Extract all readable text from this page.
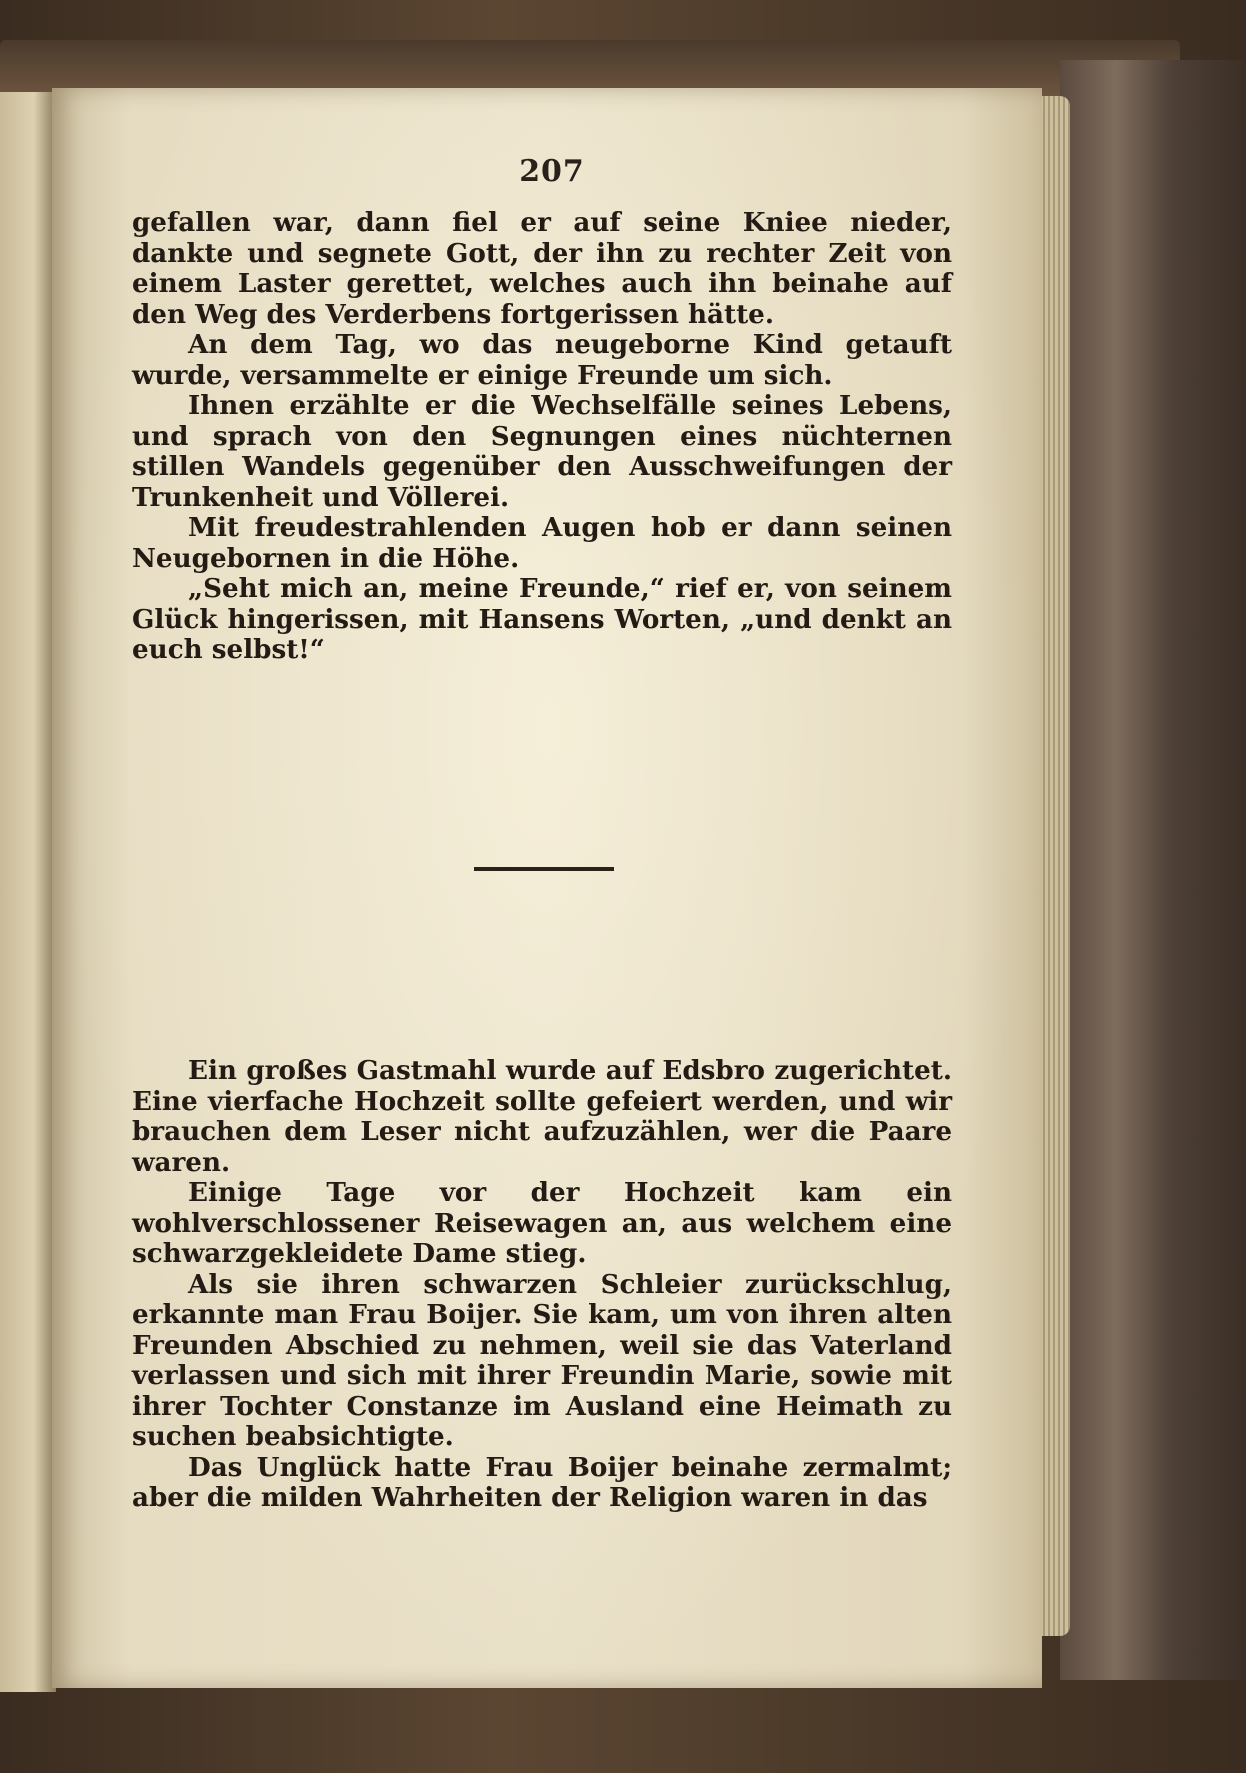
207

gefallen war, dann fiel er auf seine Kniee nieder, dankte und segnete Gott, der ihn zu rechter Zeit von einem Laster gerettet, welches auch ihn beinahe auf den Weg des Verderbens fortgerissen hätte.

An dem Tag, wo das neugeborne Kind getauft wurde, versammelte er einige Freunde um sich.

Ihnen erzählte er die Wechselfälle seines Lebens, und sprach von den Segnungen eines nüchternen stillen Wandels gegenüber den Ausschweifungen der Trunkenheit und Völlerei.

Mit freudestrahlenden Augen hob er dann seinen Neugebornen in die Höhe.

„Seht mich an, meine Freunde,“ rief er, von seinem Glück hingerissen, mit Hansens Worten, „und denkt an euch selbst!“

Ein großes Gastmahl wurde auf Edsbro zugerichtet. Eine vierfache Hochzeit sollte gefeiert werden, und wir brauchen dem Leser nicht aufzuzählen, wer die Paare waren.

Einige Tage vor der Hochzeit kam ein wohlverschlossener Reisewagen an, aus welchem eine schwarzgekleidete Dame stieg.

Als sie ihren schwarzen Schleier zurückschlug, erkannte man Frau Boijer. Sie kam, um von ihren alten Freunden Abschied zu nehmen, weil sie das Vaterland verlassen und sich mit ihrer Freundin Marie, sowie mit ihrer Tochter Constanze im Ausland eine Heimath zu suchen beabsichtigte.

Das Unglück hatte Frau Boijer beinahe zermalmt; aber die milden Wahrheiten der Religion waren in das
